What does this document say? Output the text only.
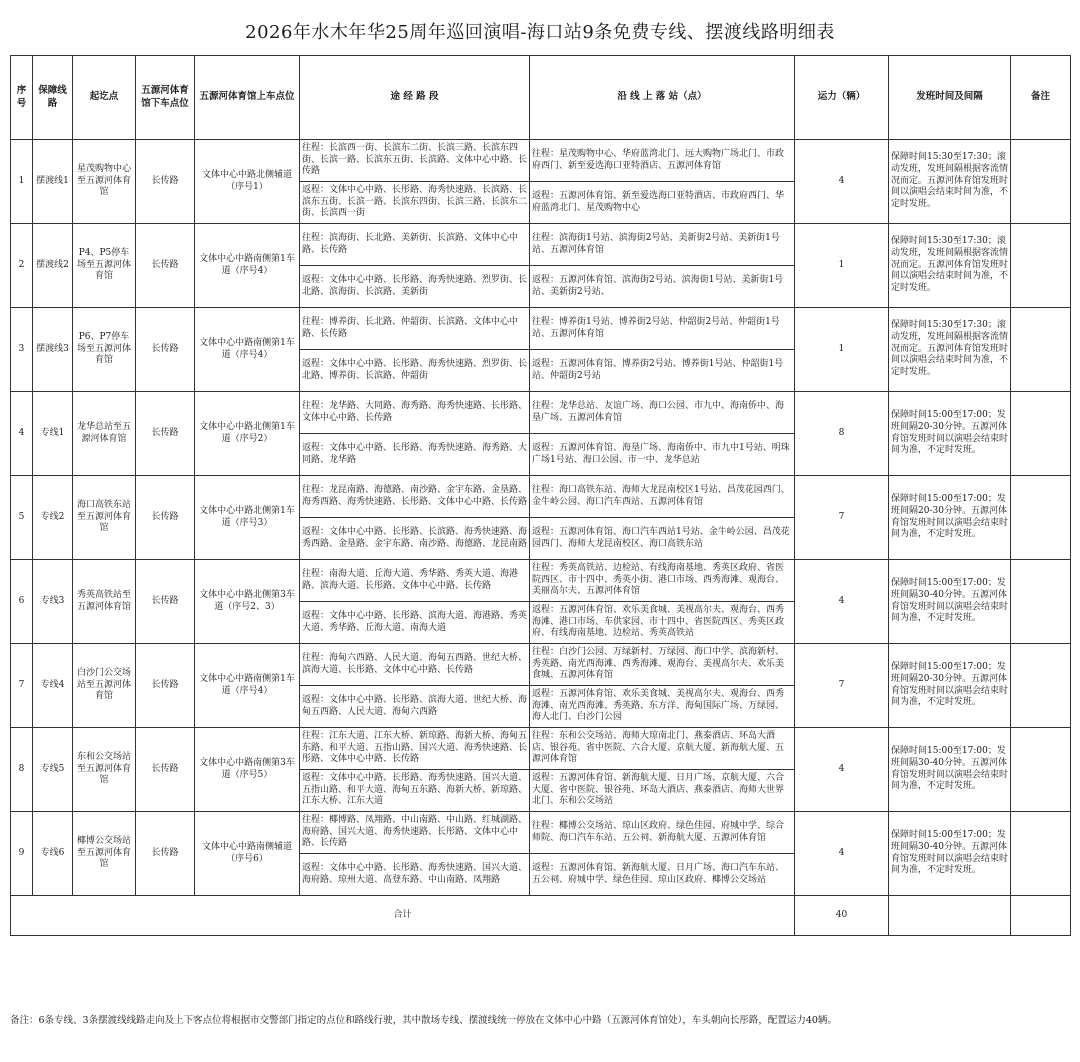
2026年水木年华25周年巡回演唱-海口站9条免费专线、摆渡线路明细表
序号	保障线路	起讫点	五源河体育馆下车点位	五源河体育馆上车点位	途 经 路 段	沿 线 上 落 站（点）	运力（辆）	发班时间及间隔	备注
1	摆渡线1	星茂购物中心至五源河体育馆	长传路	文体中心中路北侧辅道（序号1）	往程：长滨西一街、长滨东二街、长滨三路、长滨东四街、长滨一路、长滨东五街、长滨路、文体中心中路、长传路	往程：星茂购物中心、华府蓝湾北门、远大购物广场北门、市政府西门、新至爱选海口亚特酒店、五源河体育馆	4	保障时间15:30至17:30；滚动发班，发班间隔根据客流情况而定。五源河体育馆发班时间以演唱会结束时间为准，不定时发班。	
					返程：文体中心中路、长彤路、海秀快速路、长滨路、长滨东五街、长滨一路、长滨东四街、长滨三路、长滨东二街、长滨西一街	返程：五源河体育馆、新至爱选海口亚特酒店、市政府西门、华府蓝湾北门、星茂购物中心			
2	摆渡线2	P4、P5停车场至五源河体育馆	长传路	文体中心中路南侧第1车道（序号4）	往程：滨海街、长北路、美新街、长滨路、文体中心中路、长传路	往程：滨海街1号站、滨海街2号站、美新街2号站、美新街1号站、五源河体育馆	1	保障时间15:30至17:30；滚动发班，发班间隔根据客流情况而定。五源河体育馆发班时间以演唱会结束时间为准，不定时发班。	
					返程：文体中心中路、长彤路、海秀快速路、烈罗街、长北路、滨海街、长滨路、美新街	返程：五源河体育馆、滨海街2号站、滨海街1号站、美新街1号站、美新街2号站、			
3	摆渡线3	P6、P7停车场至五源河体育馆	长传路	文体中心中路南侧第1车道（序号4）	往程：博养街、长北路、仲韶街、长滨路、文体中心中路、长传路	往程：博养街1号站、博养街2号站、仲韶街2号站、仲韶街1号站、五源河体育馆	1	保障时间15:30至17:30；滚动发班，发班间隔根据客流情况而定。五源河体育馆发班时间以演唱会结束时间为准，不定时发班。	
					返程：文体中心中路、长彤路、海秀快速路、烈罗街、长北路、博养街、长滨路、仲韶街	返程：五源河体育馆、博养街2号站、博养街1号站、仲韶街1号站、仲韶街2号站			
4	专线1	龙华总站至五源河体育馆	长传路	文体中心中路北侧第1车道（序号2）	往程：龙华路、大同路、海秀路、海秀快速路、长彤路、文体中心中路、长传路	往程：龙华总站、友谊广场、海口公园、市九中、海南侨中、海垦广场、五源河体育馆	8	保障时间15:00至17:00；发班间隔20-30分钟。五源河体育馆发班时间以演唱会结束时间为准，不定时发班。	
					返程：文体中心中路、长彤路、海秀快速路、海秀路、大同路、龙华路	返程：五源河体育馆、海垦广场、海南侨中、市九中1号站、明珠广场1号站、海口公园、市一中、龙华总站			
5	专线2	海口高铁东站至五源河体育馆	长传路	文体中心中路北侧第1车道（序号3）	往程：龙昆南路、海德路、南沙路、金宇东路、金垦路、海秀西路、海秀快速路、长彤路、文体中心中路、长传路	往程：海口高铁东站、海师大龙昆南校区1号站、昌茂花园西门、金牛岭公园、海口汽车西站、五源河体育馆	7	保障时间15:00至17:00；发班间隔20-30分钟。五源河体育馆发班时间以演唱会结束时间为准，不定时发班。	
					返程：文体中心中路、长彤路、长滨路、海秀快速路、海秀西路、金垦路、金宇东路、南沙路、海德路、龙昆南路	返程：五源河体育馆、海口汽车西站1号站、金牛岭公园、昌茂花园西门、海师大龙昆南校区、海口高铁东站			
6	专线3	秀英高铁站至五源河体育馆	长传路	文体中心中路北侧第3车道（序号2、3）	往程：南海大道、丘海大道、秀华路、秀英大道、海港路、滨海大道、长彤路、文体中心中路、长传路	往程：秀英高铁站、边检站、有线海南基地、秀英区政府、省医院西区、市十四中、秀英小街、港口市场、西秀海滩、观海台、美丽高尔夫、五源河体育馆	4	保障时间15:00至17:00；发班间隔30-40分钟。五源河体育馆发班时间以演唱会结束时间为准，不定时发班。	
					返程：文体中心中路、长彤路、滨海大道、海港路、秀英大道、秀华路、丘海大道、南海大道	返程：五源河体育馆、欢乐美食城、美视高尔夫、观海台、西秀海滩、港口市场、车供家园、市十四中、省医院西区、秀英区政府、有线海南基地、边检站、秀英高铁站			
7	专线4	白沙门公交场站至五源河体育馆	长传路	文体中心中路南侧第1车道（序号4）	往程：海甸六西路、人民大道、海甸五西路、世纪大桥、滨海大道、长彤路、文体中心中路、长传路	往程：白沙门公园、万绿新村、万绿园、海口中学、滨海新村、秀英路、南光西海滩、西秀海滩、观海台、美视高尔夫、欢乐美食城、五源河体育馆	7	保障时间15:00至17:00；发班间隔20-30分钟。五源河体育馆发班时间以演唱会结束时间为准，不定时发班。	
					返程：文体中心中路、长彤路、滨海大道、世纪大桥、海甸五西路、人民大道、海甸六西路	返程：五源河体育馆、欢乐美食城、美视高尔夫、观海台、西秀海滩、南光西海滩、秀英路、东方洋、海甸国际广场、万绿园、海人北门、白沙门公园			
8	专线5	东和公交场站至五源河体育馆	长传路	文体中心中路南侧第3车道（序号5）	往程：江东大道、江东大桥、新琼路、海新大桥、海甸五东路、和平大道、五指山路、国兴大道、海秀快速路、长彤路、文体中心中路、长传路	往程：东和公交场站、海师大琼南北门、燕泰酒店、环岛大酒店、银谷苑、省中医院、六合大厦、京航大厦、新海航大厦、五源河体育馆	4	保障时间15:00至17:00；发班间隔30-40分钟。五源河体育馆发班时间以演唱会结束时间为准，不定时发班。	
					返程：文体中心中路、长彤路、海秀快速路、国兴大道、五指山路、和平大道、海甸五东路、海新大桥、新琼路、江东大桥、江东大道	返程：五源河体育馆、新海航大厦、日月广场、京航大厦、六合大厦、省中医院、银谷苑、环岛大酒店、燕泰酒店、海师大世界北门、东和公交场站			
9	专线6	椰博公交场站至五源河体育馆	长传路	文体中心中路南侧辅道（序号6）	往程：椰博路、凤翔路、中山南路、中山路、红城湖路、海府路、国兴大道、海秀快速路、长彤路、文体中心中路、长传路	往程：椰博公交场站、琼山区政府、绿色佳园、府城中学、综合师院、海口汽车东站、五公祠、新海航大厦、五源河体育馆	4	保障时间15:00至17:00；发班间隔30-40分钟。五源河体育馆发班时间以演唱会结束时间为准，不定时发班。	
					返程：文体中心中路、长彤路、海秀快速路、国兴大道、海府路、琼州大道、高登东路、中山南路、凤翔路	返程：五源河体育馆、新海航大厦、日月广场、海口汽车东站、五公祠、府城中学、绿色佳园、琼山区政府、椰博公交场站			
合计							40		
备注：6条专线、3条摆渡线线路走向及上下客点位将根据市交警部门指定的点位和路线行驶，其中散场专线、摆渡线统一停放在文体中心中路（五源河体育馆处），车头朝向长彤路，配置运力40辆。
